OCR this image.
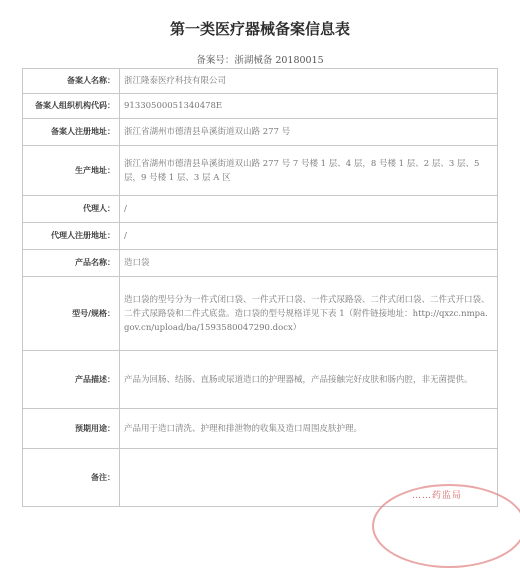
第一类医疗器械备案信息表
备案号：浙湖械备 20180015
备案人名称：	浙江隆泰医疗科技有限公司
备案人组织机构代码：	91330500051340478E
备案人注册地址：	浙江省湖州市德清县阜溪街道双山路 277 号
生产地址：	浙江省湖州市德清县阜溪街道双山路 277 号 7 号楼 1 层、4 层，8 号楼 1 层、2 层、3 层、5 层，9 号楼 1 层、3 层 A 区
代理人：	/
代理人注册地址：	/
产品名称：	造口袋
型号/规格：	造口袋的型号分为一件式闭口袋、一件式开口袋、一件式尿路袋、二件式闭口袋、二件式开口袋、二件式尿路袋和二件式底盘。造口袋的型号规格详见下表 1（附件链接地址：http://qxzc.nmpa.gov.cn/upload/ba/1593580047290.docx）
产品描述：	产品为回肠、结肠、直肠或尿道造口的护理器械，产品接触完好皮肤和肠内腔，非无菌提供。
预期用途：	产品用于造口清洗、护理和排泄物的收集及造口周围皮肤护理。
备注：	
……药监局
